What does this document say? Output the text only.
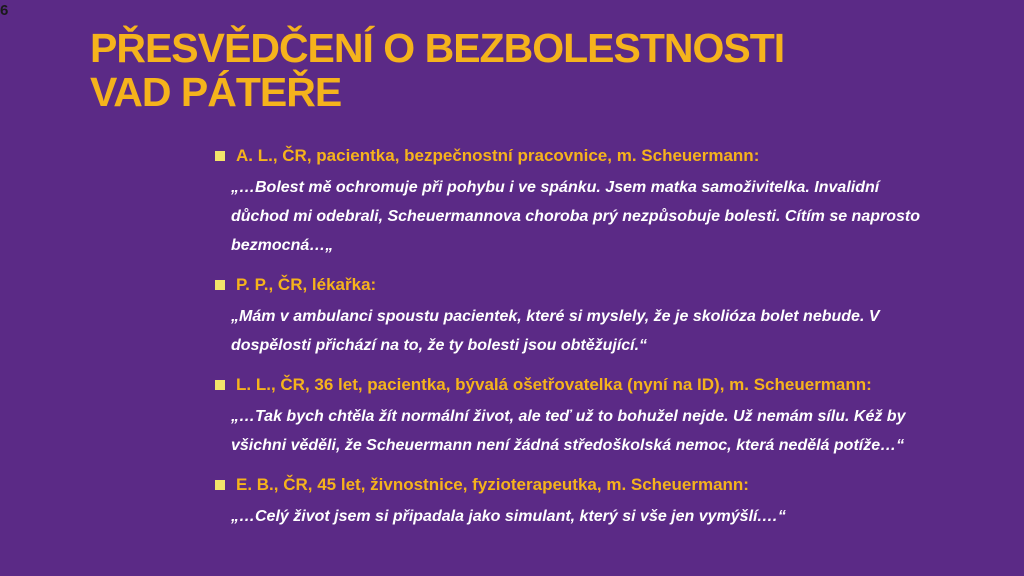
6
PŘESVĚDČENÍ O BEZBOLESTNOSTI
VAD PÁTEŘE
A. L., ČR, pacientka, bezpečnostní pracovnice, m. Scheuermann:
„…Bolest mě ochromuje při pohybu i ve spánku. Jsem matka samoživitelka. Invalidní důchod mi odebrali, Scheuermannova choroba prý nezpůsobuje bolesti. Cítím se naprosto bezmocná…„
P. P., ČR, lékařka:
„Mám v ambulanci spoustu pacientek, které si myslely, že je skolióza bolet nebude. V dospělosti přichází na to, že ty bolesti jsou obtěžující.“
L. L., ČR, 36 let, pacientka, bývalá ošetřovatelka (nyní na ID), m. Scheuermann:
„…Tak bych chtěla žít normální život, ale teď už to bohužel nejde. Už nemám sílu. Kéž by všichni věděli, že Scheuermann není žádná středoškolská nemoc, která nedělá potíže…“
E. B., ČR, 45 let, živnostnice, fyzioterapeutka, m. Scheuermann:
„…Celý život jsem si připadala jako simulant, který si vše jen vymýšlí.…“
